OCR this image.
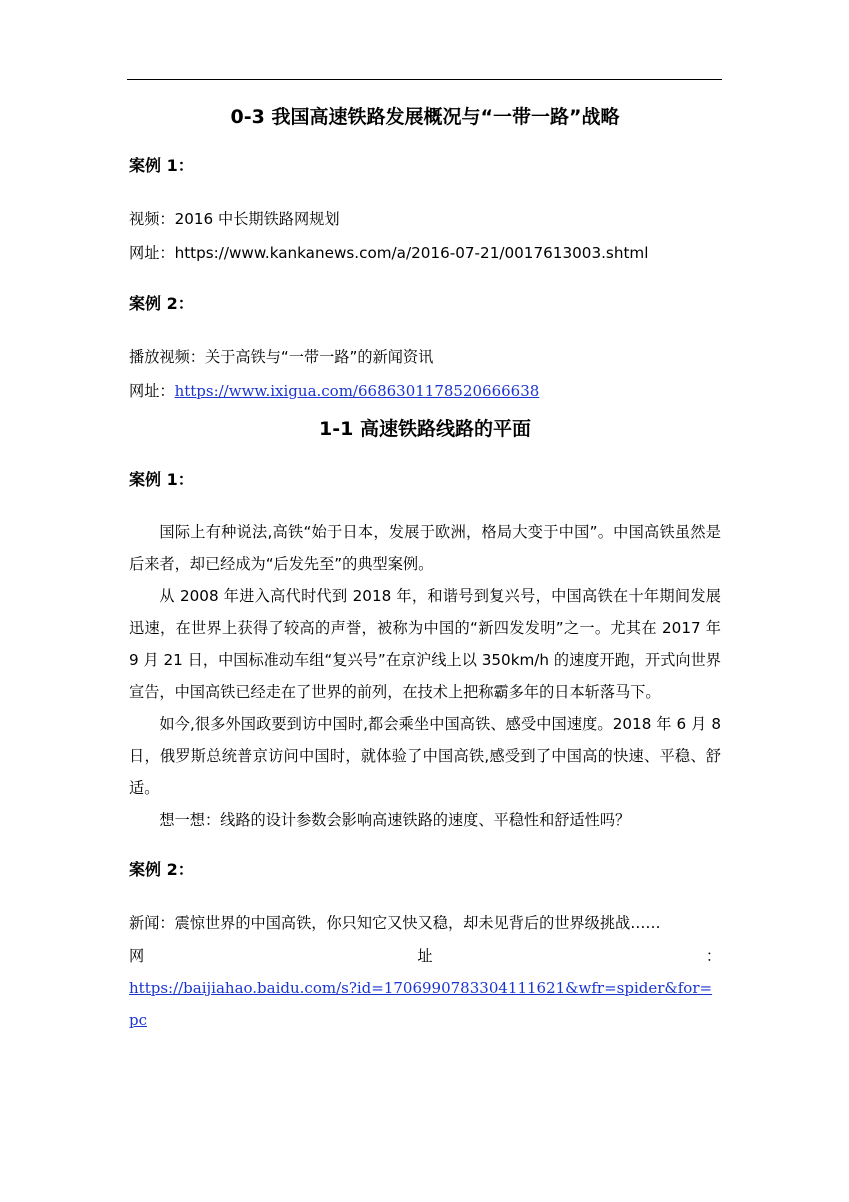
0-3 我国高速铁路发展概况与“一带一路”战略
案例 1：

视频：2016 中长期铁路网规划

网址：https://www.kankanews.com/a/2016-07-21/0017613003.shtml

案例 2：

播放视频：关于高铁与“一带一路”的新闻资讯

网址：https://www.ixigua.com/6686301178520666638

1-1 高速铁路线路的平面
案例 1：

国际上有种说法,高铁“始于日本，发展于欧洲，格局大变于中国”。中国高铁虽然是后来者，却已经成为“后发先至”的典型案例。

从 2008 年进入高代时代到 2018 年，和谐号到复兴号，中国高铁在十年期间发展迅速，在世界上获得了较高的声誉，被称为中国的“新四发发明”之一。尤其在 2017 年 9 月 21 日，中国标准动车组“复兴号”在京沪线上以 350km/h 的速度开跑，开式向世界宣告，中国高铁已经走在了世界的前列，在技术上把称霸多年的日本斩落马下。

如今,很多外国政要到访中国时,都会乘坐中国高铁、感受中国速度。2018 年 6 月 8 日，俄罗斯总统普京访问中国时，就体验了中国高铁,感受到了中国高的快速、平稳、舒适。

想一想：线路的设计参数会影响高速铁路的速度、平稳性和舒适性吗？

案例 2：

新闻：震惊世界的中国高铁，你只知它又快又稳，却未见背后的世界级挑战……

网	址	：

https://baijiahao.baidu.com/s?id=1706990783304111621&wfr=spider&for=pc
